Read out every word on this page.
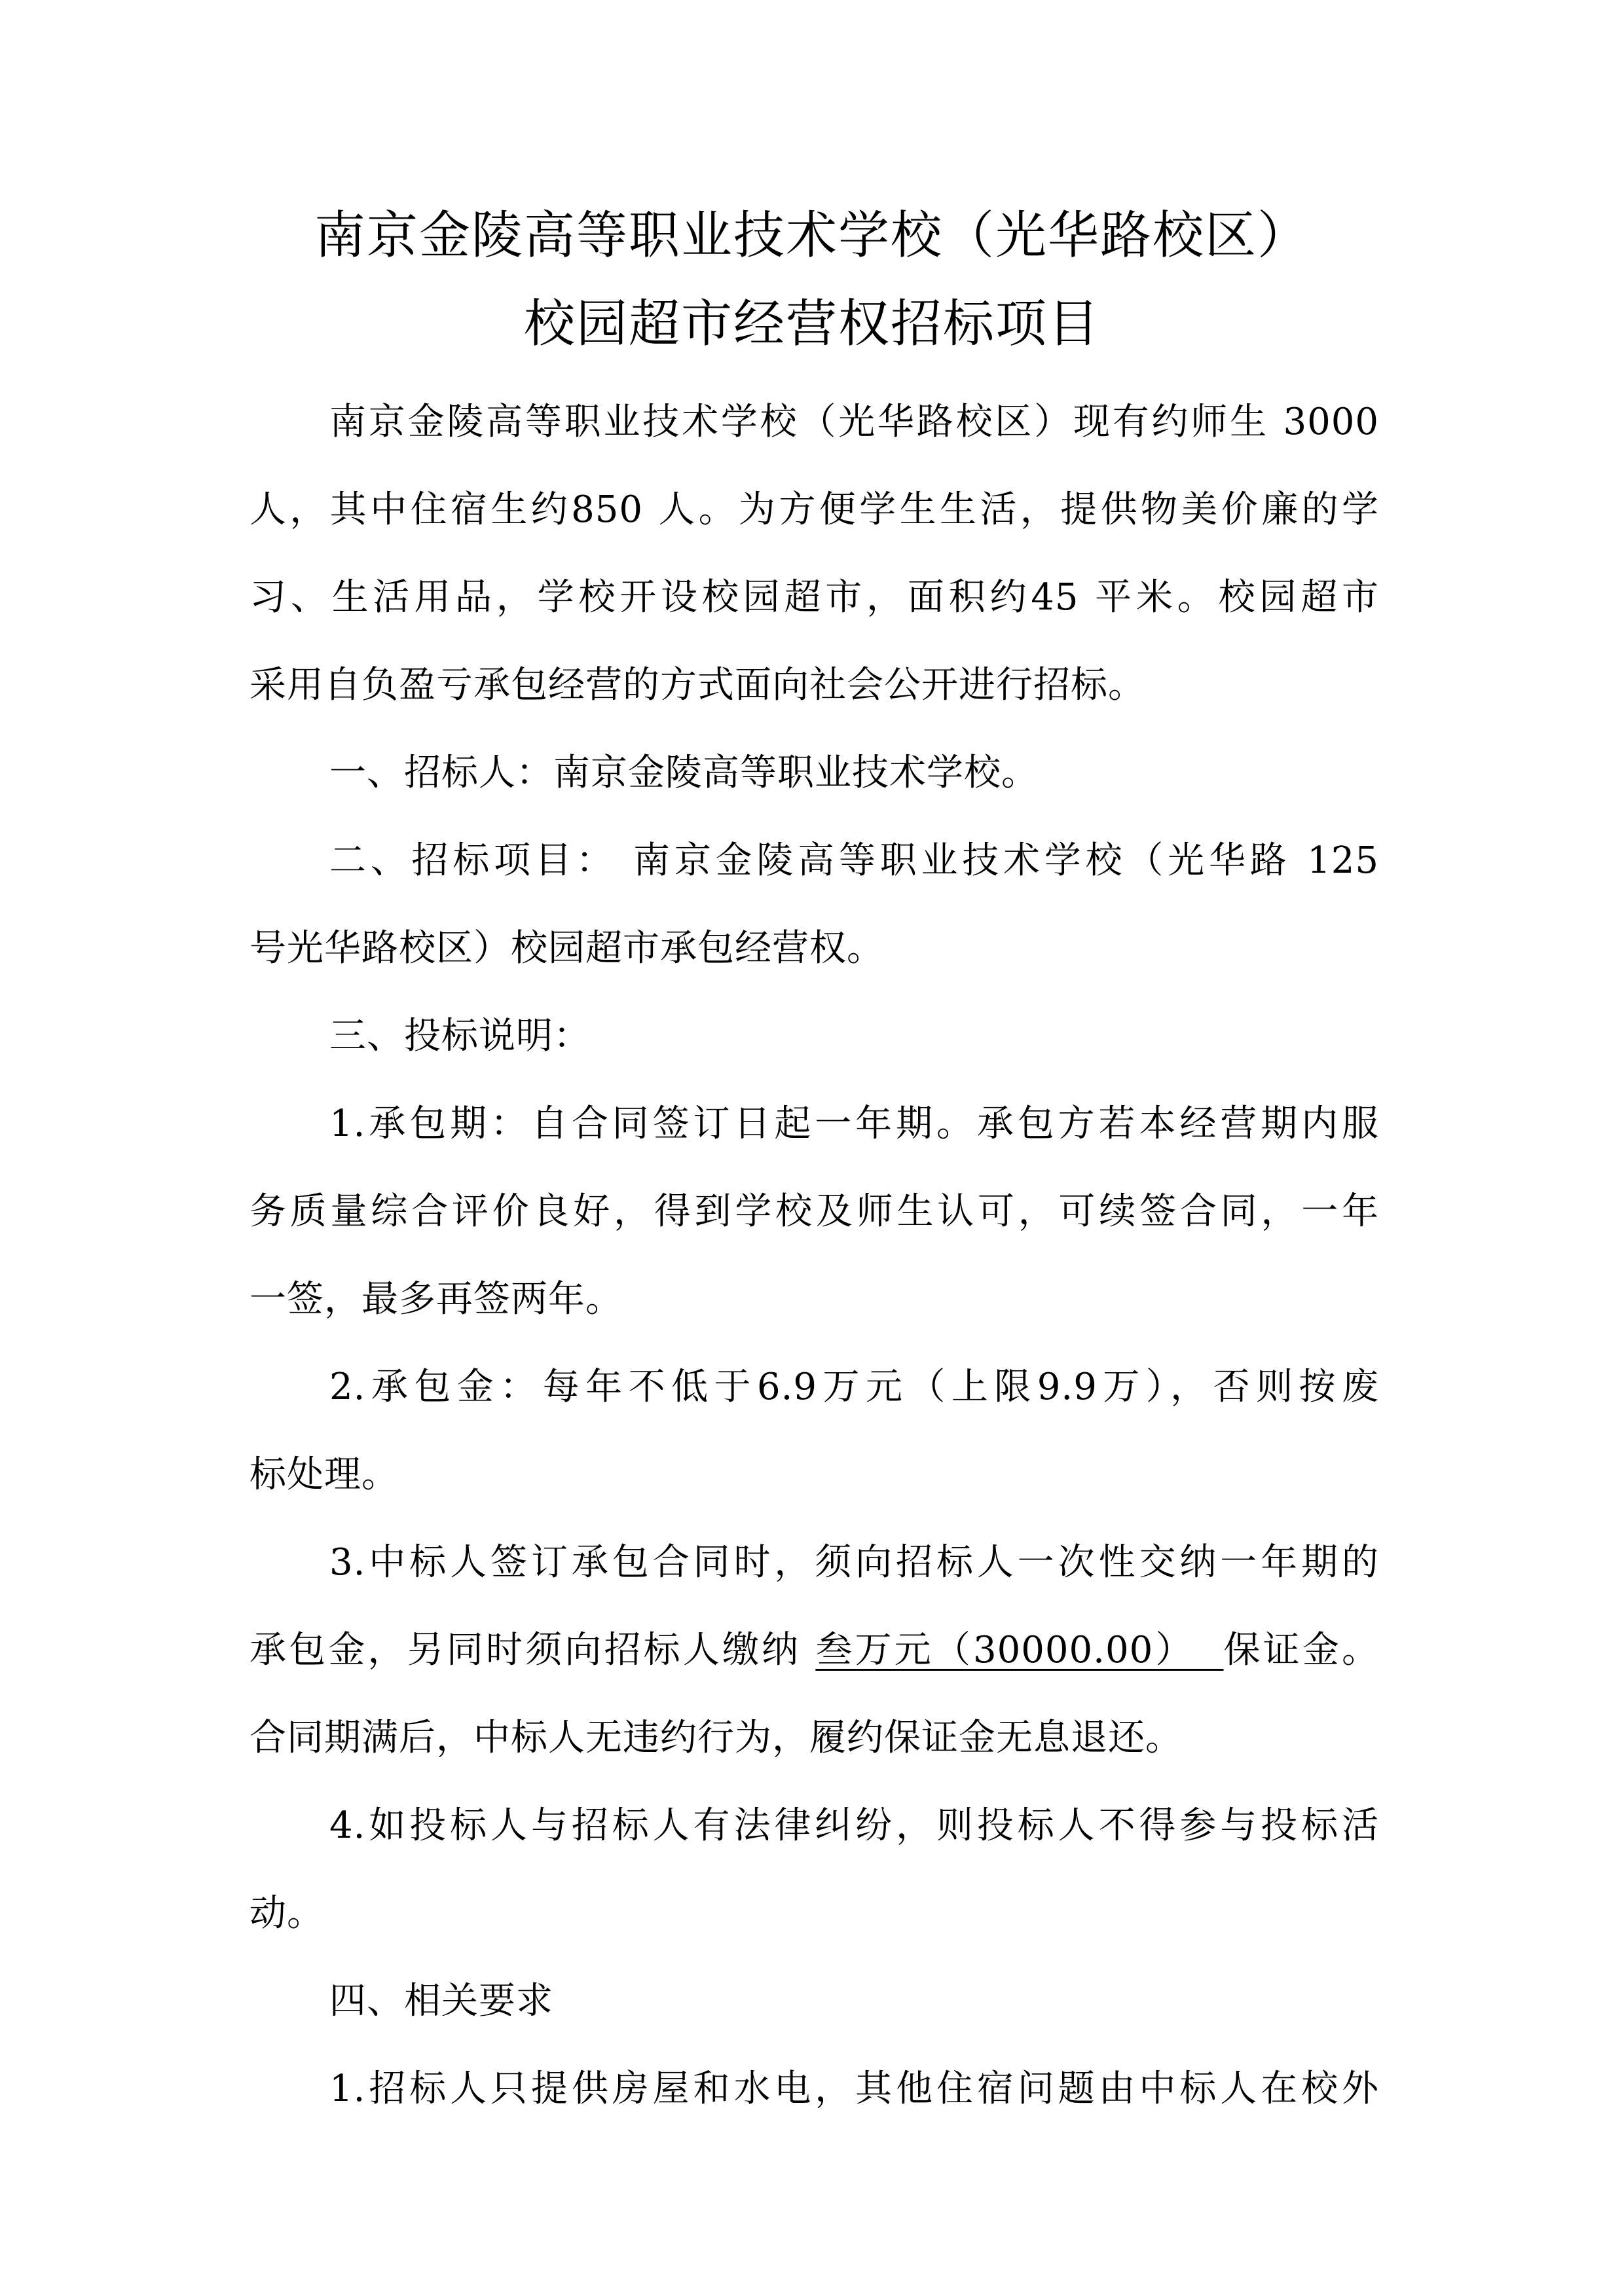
南京金陵高等职业技术学校（光华路校区）
校园超市经营权招标项目
南京金陵高等职业技术学校（光华路校区）现有约师生 3000
人，其中住宿生约850 人。为方便学生生活，提供物美价廉的学
习、生活用品，学校开设校园超市，面积约45 平米。校园超市
采用自负盈亏承包经营的方式面向社会公开进行招标。
一、招标人：南京金陵高等职业技术学校。
二、招标项目： 南京金陵高等职业技术学校（光华路 125
号光华路校区）校园超市承包经营权。
三、投标说明：
1.承包期：自合同签订日起一年期。承包方若本经营期内服
务质量综合评价良好，得到学校及师生认可，可续签合同，一年
一签，最多再签两年。
2.承包金：每年不低于6.9万元（上限9.9万），否则按废
标处理。
3.中标人签订承包合同时，须向招标人一次性交纳一年期的
承包金，另同时须向招标人缴纳 叁万元（30000.00）  保证金。
合同期满后，中标人无违约行为，履约保证金无息退还。
4.如投标人与招标人有法律纠纷，则投标人不得参与投标活
动。
四、相关要求
1.招标人只提供房屋和水电，其他住宿问题由中标人在校外
